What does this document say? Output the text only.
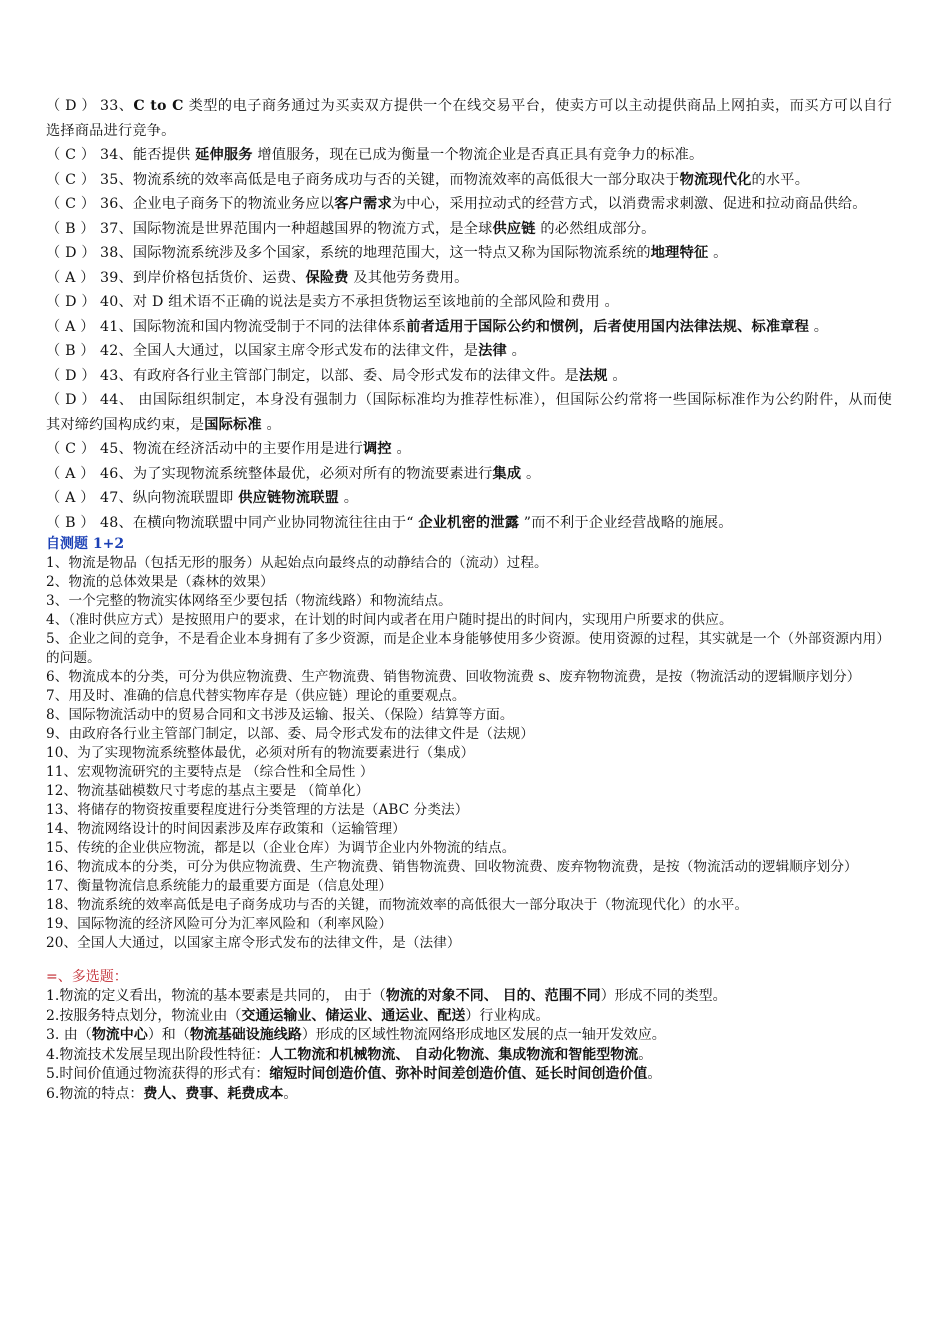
（ D ） 33、C to C 类型的电子商务通过为买卖双方提供一个在线交易平台，使卖方可以主动提供商品上网拍卖，而买方可以自行选择商品进行竞争。
（ C ） 34、能否提供 延伸服务 增值服务，现在已成为衡量一个物流企业是否真正具有竞争力的标准。
（ C ） 35、物流系统的效率高低是电子商务成功与否的关键，而物流效率的高低很大一部分取决于物流现代化的水平。
（ C ） 36、企业电子商务下的物流业务应以客户需求为中心，采用拉动式的经营方式，以消费需求刺激、促进和拉动商品供给。
（ B ） 37、国际物流是世界范围内一种超越国界的物流方式，是全球供应链 的必然组成部分。
（ D ） 38、国际物流系统涉及多个国家，系统的地理范围大，这一特点又称为国际物流系统的地理特征 。
（ A ） 39、到岸价格包括货价、运费、保险费 及其他劳务费用。
（ D ） 40、对 D 组术语不正确的说法是卖方不承担货物运至该地前的全部风险和费用 。
（ A ） 41、国际物流和国内物流受制于不同的法律体系前者适用于国际公约和惯例，后者使用国内法律法规、标准章程 。
（ B ） 42、全国人大通过，以国家主席令形式发布的法律文件，是法律 。
（ D ） 43、有政府各行业主管部门制定，以部、委、局令形式发布的法律文件。是法规 。
（ D ） 44、 由国际组织制定，本身没有强制力（国际标准均为推荐性标准），但国际公约常将一些国际标准作为公约附件，从而使其对缔约国构成约束，是国际标准 。
（ C ） 45、物流在经济活动中的主要作用是进行调控 。
（ A ） 46、为了实现物流系统整体最优，必须对所有的物流要素进行集成 。
（ A ） 47、纵向物流联盟即 供应链物流联盟 。
（ B ） 48、在横向物流联盟中同产业协同物流往往由于“ 企业机密的泄露 ”而不利于企业经营战略的施展。
自测题 1+2
1、物流是物品（包括无形的服务）从起始点向最终点的动静结合的（流动）过程。
2、物流的总体效果是（森林的效果）
3、一个完整的物流实体网络至少要包括（物流线路）和物流结点。
4、（准时供应方式）是按照用户的要求，在计划的时间内或者在用户随时提出的时间内，实现用户所要求的供应。
5、企业之间的竞争，不是看企业本身拥有了多少资源，而是企业本身能够使用多少资源。使用资源的过程，其实就是一个（外部资源内用）的问题。
6、物流成本的分类，可分为供应物流费、生产物流费、销售物流费、回收物流费 s、废弃物物流费，是按（物流活动的逻辑顺序划分）
7、用及时、准确的信息代替实物库存是（供应链）理论的重要观点。
8、国际物流活动中的贸易合同和文书涉及运输、报关、（保险）结算等方面。
9、由政府各行业主管部门制定，以部、委、局令形式发布的法律文件是（法规）
10、为了实现物流系统整体最优，必须对所有的物流要素进行（集成）
11、宏观物流研究的主要特点是 （综合性和全局性 ）
12、物流基础模数尺寸考虑的基点主要是 （简单化）
13、将储存的物资按重要程度进行分类管理的方法是（ABC 分类法）
14、物流网络设计的时间因素涉及库存政策和（运输管理）
15、传统的企业供应物流，都是以（企业仓库）为调节企业内外物流的结点。
16、物流成本的分类，可分为供应物流费、生产物流费、销售物流费、回收物流费、废弃物物流费，是按（物流活动的逻辑顺序划分）
17、衡量物流信息系统能力的最重要方面是（信息处理）
18、物流系统的效率高低是电子商务成功与否的关键，而物流效率的高低很大一部分取决于（物流现代化）的水平。
19、国际物流的经济风险可分为汇率风险和（利率风险）
20、全国人大通过，以国家主席令形式发布的法律文件，是（法律）
=、多选题：
1.物流的定义看出，物流的基本要素是共同的， 由于（物流的对象不同、 目的、范围不同）形成不同的类型。
2.按服务特点划分，物流业由（交通运输业、储运业、通运业、配送）行业构成。
3. 由（物流中心）和（物流基础设施线路）形成的区域性物流网络形成地区发展的点一轴开发效应。
4.物流技术发展呈现出阶段性特征：人工物流和机械物流、 自动化物流、集成物流和智能型物流。
5.时间价值通过物流获得的形式有：缩短时间创造价值、弥补时间差创造价值、延长时间创造价值。
6.物流的特点：费人、费事、耗费成本。
